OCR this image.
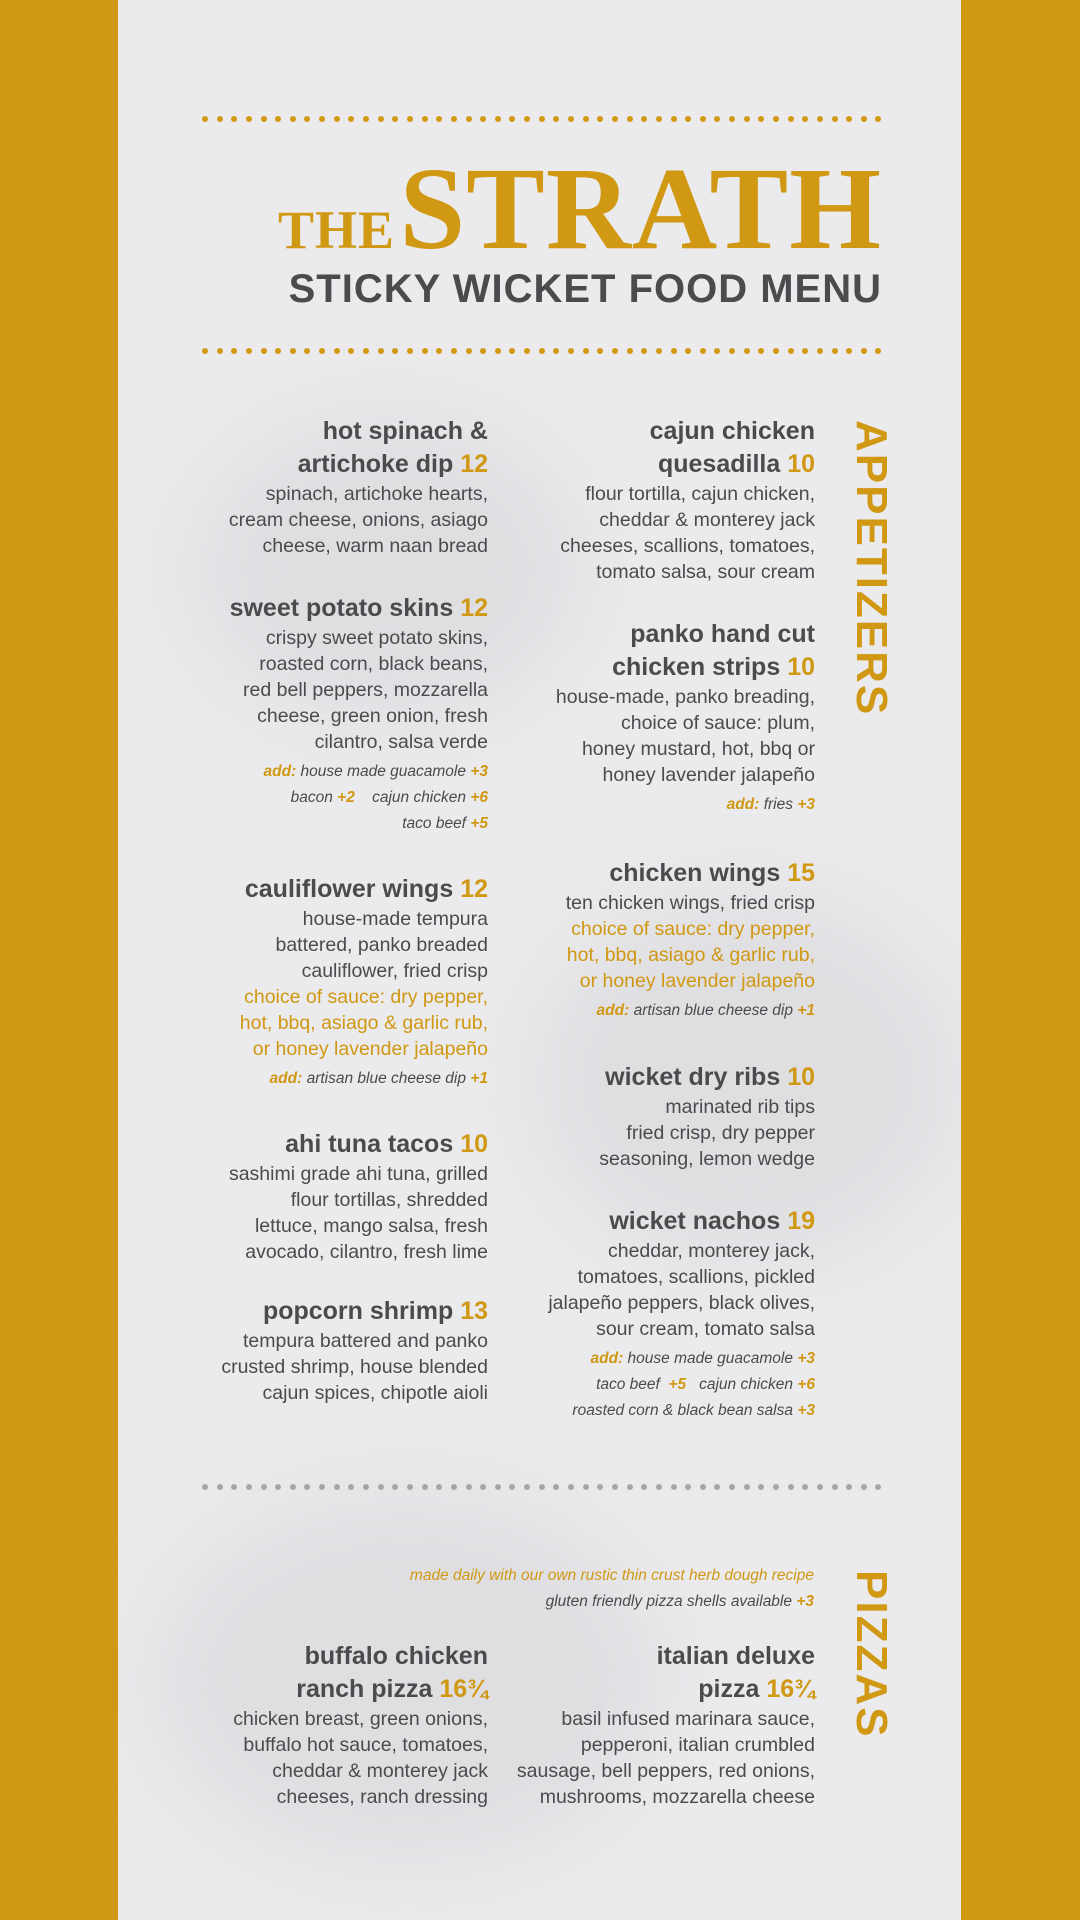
THE STRATH
STICKY WICKET FOOD MENU
APPETIZERS
PIZZAS
hot spinach &
artichoke dip 12
spinach, artichoke hearts,
cream cheese, onions, asiago
cheese, warm naan bread
sweet potato skins 12
crispy sweet potato skins,
roasted corn, black beans,
red bell peppers, mozzarella
cheese, green onion, fresh
cilantro, salsa verde
add: house made guacamole +3
bacon +2 cajun chicken +6
taco beef +5
cauliflower wings 12
house-made tempura
battered, panko breaded
cauliflower, fried crisp
choice of sauce: dry pepper,
hot, bbq, asiago & garlic rub,
or honey lavender jalapeño
add: artisan blue cheese dip +1
ahi tuna tacos 10
sashimi grade ahi tuna, grilled
flour tortillas, shredded
lettuce, mango salsa, fresh
avocado, cilantro, fresh lime
popcorn shrimp 13
tempura battered and panko
crusted shrimp, house blended
cajun spices, chipotle aioli
cajun chicken
quesadilla 10
flour tortilla, cajun chicken,
cheddar & monterey jack
cheeses, scallions, tomatoes,
tomato salsa, sour cream
panko hand cut
chicken strips 10
house-made, panko breading,
choice of sauce: plum,
honey mustard, hot, bbq or
honey lavender jalapeño
add: fries +3
chicken wings 15
ten chicken wings, fried crisp
choice of sauce: dry pepper,
hot, bbq, asiago & garlic rub,
or honey lavender jalapeño
add: artisan blue cheese dip +1
wicket dry ribs 10
marinated rib tips
fried crisp, dry pepper
seasoning, lemon wedge
wicket nachos 19
cheddar, monterey jack,
tomatoes, scallions, pickled
jalapeño peppers, black olives,
sour cream, tomato salsa
add: house made guacamole +3
taco beef +5 cajun chicken +6
roasted corn & black bean salsa +3
made daily with our own rustic thin crust herb dough recipe
gluten friendly pizza shells available +3
buffalo chicken
ranch pizza 16¾
chicken breast, green onions,
buffalo hot sauce, tomatoes,
cheddar & monterey jack
cheeses, ranch dressing
italian deluxe
pizza 16¾
basil infused marinara sauce,
pepperoni, italian crumbled
sausage, bell peppers, red onions,
mushrooms, mozzarella cheese
